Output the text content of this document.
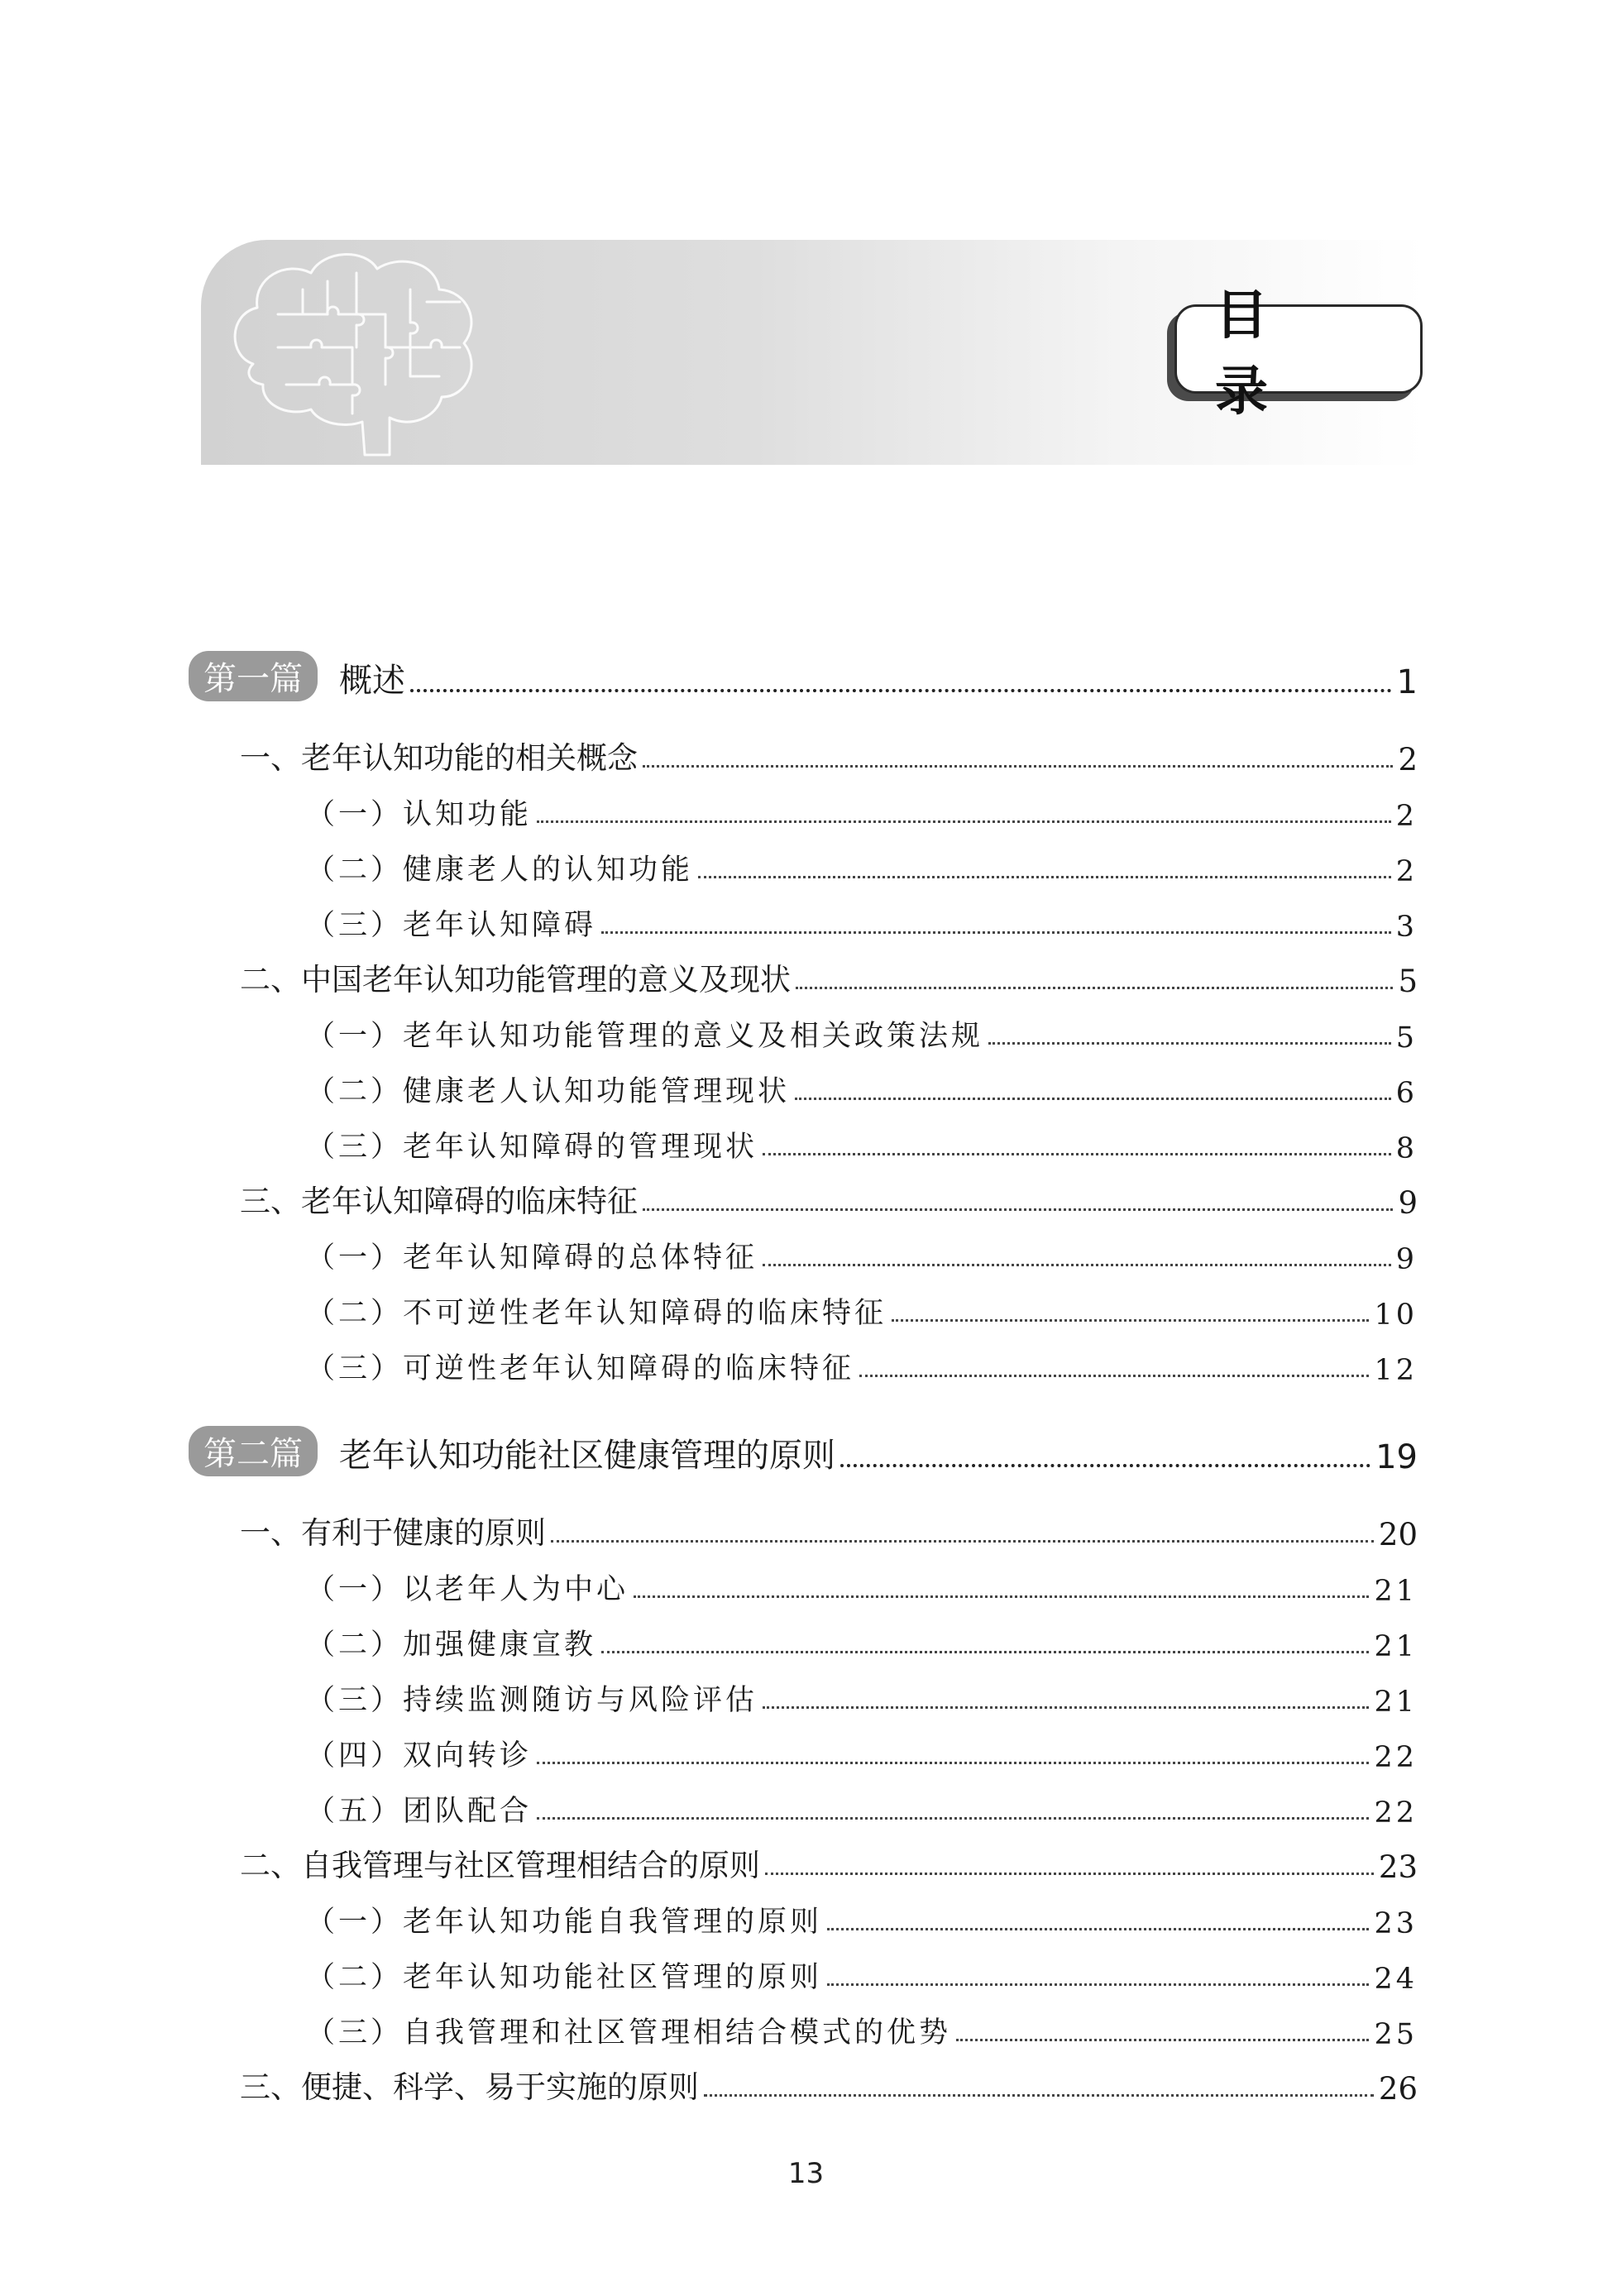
目 录
第一篇	概述	1
一、老年认知功能的相关概念	2
（一）认知功能	2
（二）健康老人的认知功能	2
（三）老年认知障碍	3
二、中国老年认知功能管理的意义及现状	5
（一）老年认知功能管理的意义及相关政策法规	5
（二）健康老人认知功能管理现状	6
（三）老年认知障碍的管理现状	8
三、老年认知障碍的临床特征	9
（一）老年认知障碍的总体特征	9
（二）不可逆性老年认知障碍的临床特征	10
（三）可逆性老年认知障碍的临床特征	12
第二篇	老年认知功能社区健康管理的原则	19
一、有利于健康的原则	20
（一）以老年人为中心	21
（二）加强健康宣教	21
（三）持续监测随访与风险评估	21
（四）双向转诊	22
（五）团队配合	22
二、自我管理与社区管理相结合的原则	23
（一）老年认知功能自我管理的原则	23
（二）老年认知功能社区管理的原则	24
（三）自我管理和社区管理相结合模式的优势	25
三、便捷、科学、易于实施的原则	26
13
